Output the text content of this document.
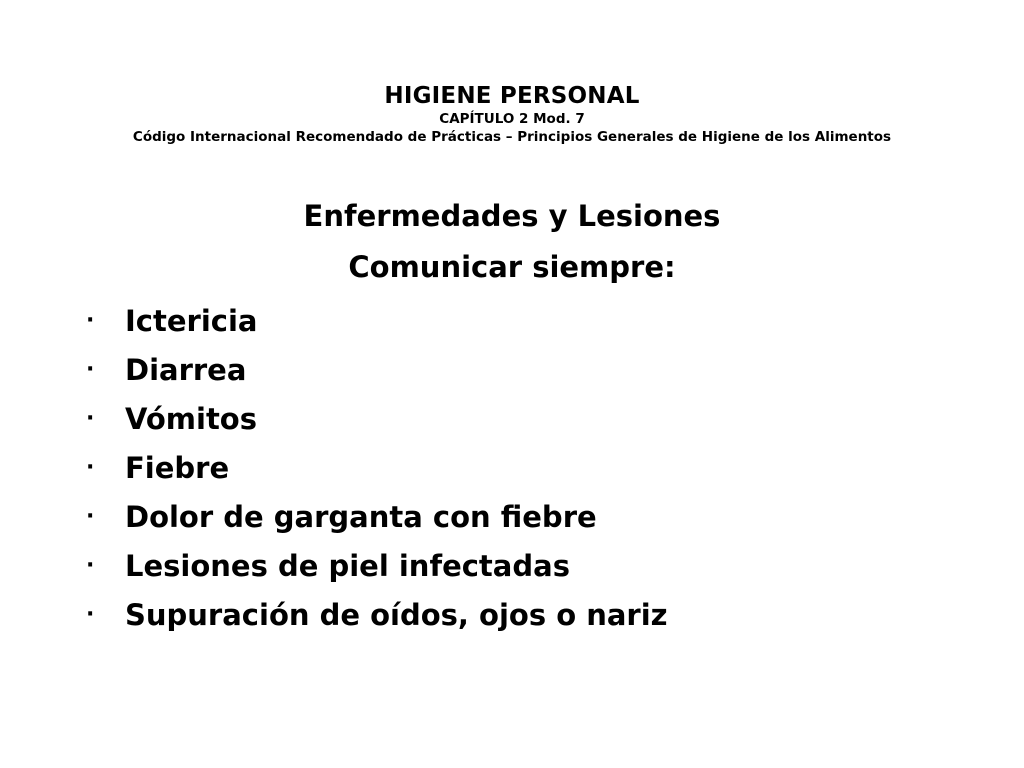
HIGIENE PERSONAL
CAPÍTULO 2 Mod. 7
Código Internacional Recomendado de Prácticas – Principios Generales de Higiene de los Alimentos
Enfermedades y Lesiones
Comunicar siempre:
·	Ictericia
·	Diarrea
·	Vómitos
·	Fiebre
·	Dolor de garganta con fiebre
·	Lesiones de piel infectadas
·	Supuración de oídos, ojos o nariz
